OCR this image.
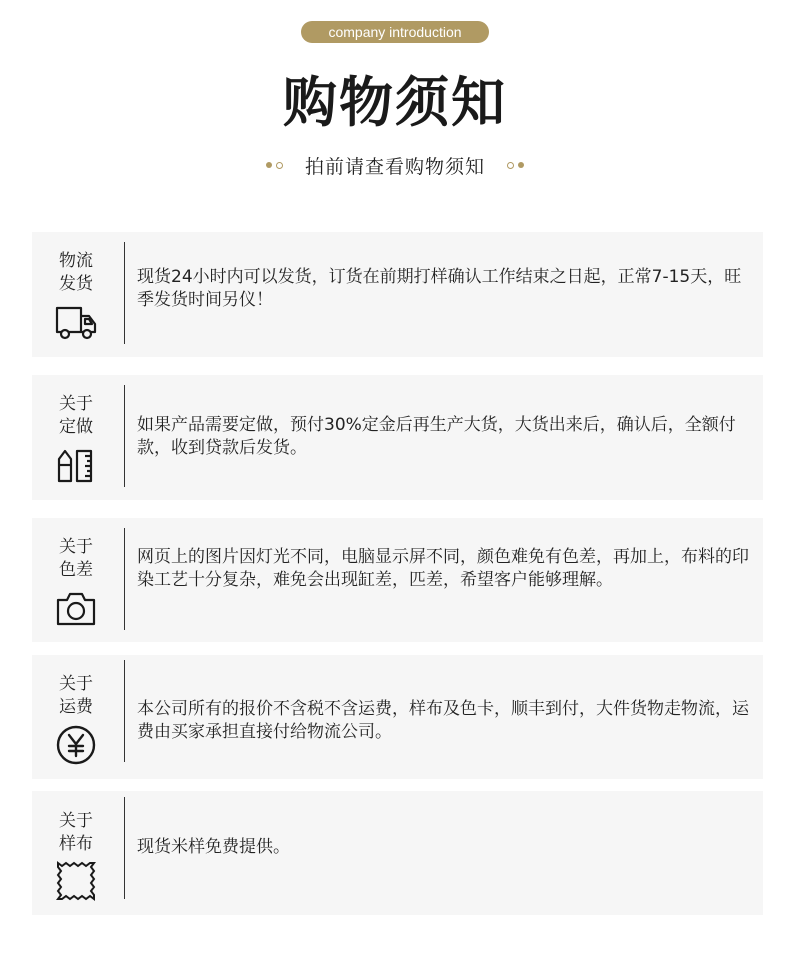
company introduction
购物须知
拍前请查看购物须知
物流
发货	现货24小时内可以发货，订货在前期打样确认工作结束之日起，正常7-15天，旺季发货时间另仪！
关于
定做	如果产品需要定做，预付30%定金后再生产大货，大货出来后，确认后，全额付款，收到贷款后发货。
关于
色差
网页上的图片因灯光不同，电脑显示屏不同，颜色难免有色差，再加上，布料的印染工艺十分复杂，难免会出现缸差，匹差，希望客户能够理解。
关于
运费	本公司所有的报价不含税不含运费，样布及色卡，顺丰到付，大件货物走物流，运费由买家承担直接付给物流公司。
关于
样布	现货米样免费提供。
